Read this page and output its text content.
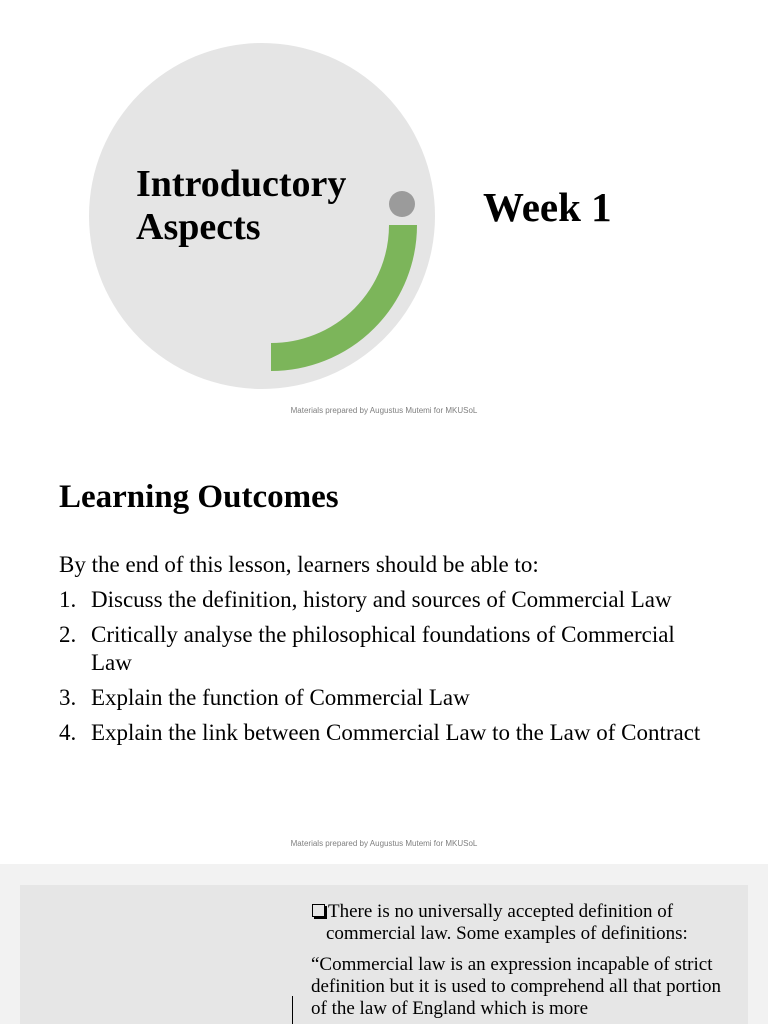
Introductory
Aspects	Week 1
Materials prepared by Augustus Mutemi for MKUSoL
Learning Outcomes

By the end of this lesson, learners should be able to:

1. Discuss the definition, history and sources of Commercial Law
2. Critically analyse the philosophical foundations of Commercial Law
3. Explain the function of Commercial Law
4. Explain the link between Commercial Law to the Law of Contract
Materials prepared by Augustus Mutemi for MKUSoL

There is no universally accepted definition of
commercial law. Some examples of definitions:

“Commercial law is an expression incapable of strict definition but it is used to comprehend all that portion of the law of England which is more
